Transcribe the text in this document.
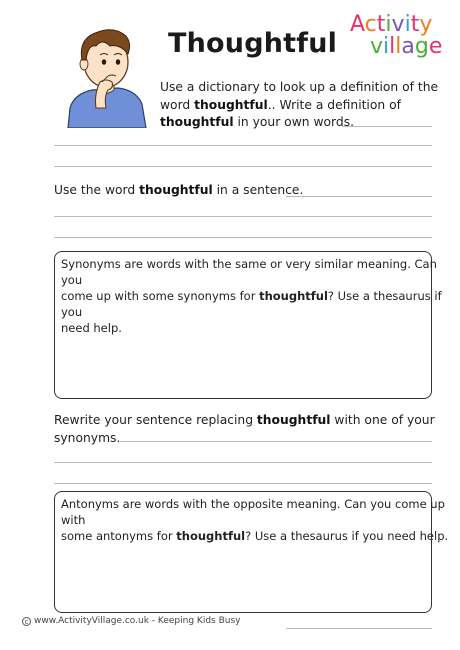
Thoughtful
Activity
village
Use a dictionary to look up a definition of the
word thoughtful.. Write a definition of
thoughtful in your own words.
Use the word thoughtful in a sentence.
Synonyms are words with the same or very similar meaning. Can you
come up with some synonyms for thoughtful? Use a thesaurus if you
need help.
Rewrite your sentence replacing thoughtful with one of your
synonyms.
Antonyms are words with the opposite meaning. Can you come up with
some antonyms for thoughtful? Use a thesaurus if you need help.
c www.ActivityVillage.co.uk - Keeping Kids Busy
